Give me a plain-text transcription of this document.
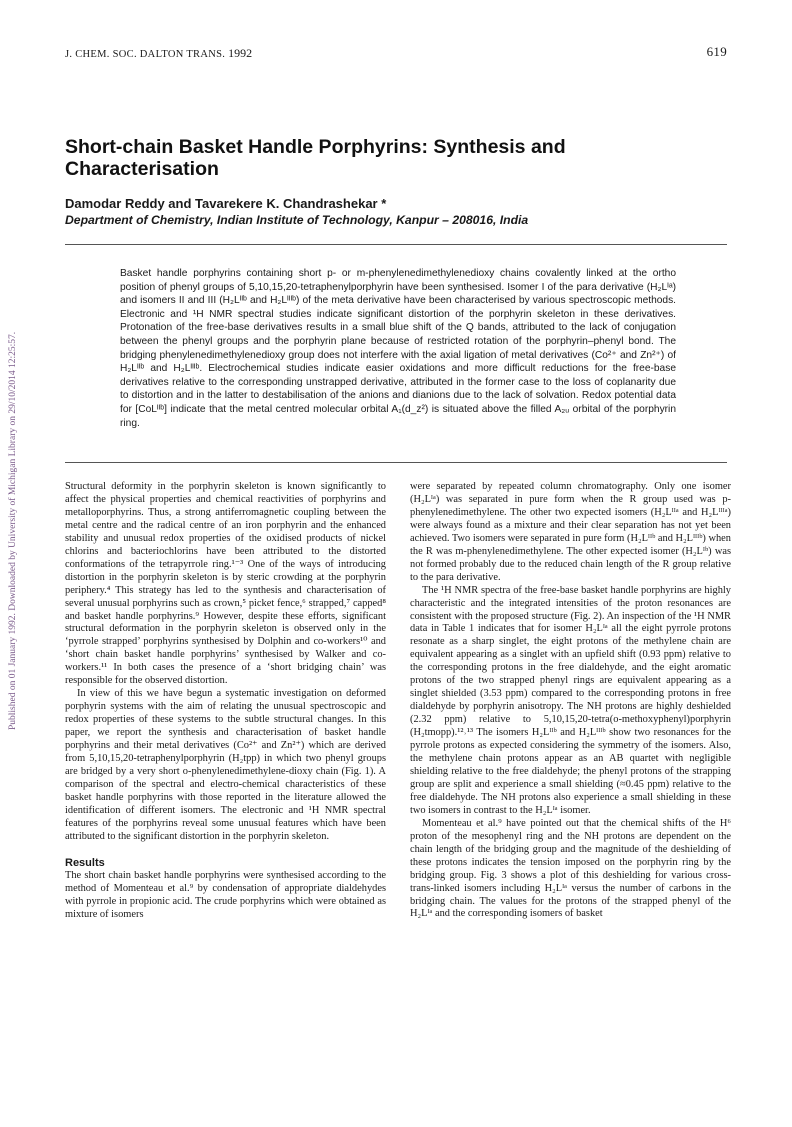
Published on 01 January 1992. Downloaded by University of Michigan Library on 29/10/2014 12:25:57.
J. CHEM. SOC. DALTON TRANS. 1992	619
Short-chain Basket Handle Porphyrins: Synthesis and Characterisation
Damodar Reddy and Tavarekere K. Chandrashekar *
Department of Chemistry, Indian Institute of Technology, Kanpur – 208016, India
Basket handle porphyrins containing short p- or m-phenylenedimethylenedioxy chains covalently linked at the ortho position of phenyl groups of 5,10,15,20-tetraphenylporphyrin have been synthesised. Isomer I of the para derivative (H₂Lᴵᵃ) and isomers II and III (H₂Lᴵᴵᵇ and H₂Lᴵᴵᴵᵇ) of the meta derivative have been characterised by various spectroscopic methods. Electronic and ¹H NMR spectral studies indicate significant distortion of the porphyrin skeleton in these derivatives. Protonation of the free-base derivatives results in a small blue shift of the Q bands, attributed to the lack of conjugation between the phenyl groups and the porphyrin plane because of restricted rotation of the porphyrin–phenyl bond. The bridging phenylenedimethylenedioxy group does not interfere with the axial ligation of metal derivatives (Co²⁺ and Zn²⁺) of H₂Lᴵᴵᵇ and H₂Lᴵᴵᴵᵇ. Electrochemical studies indicate easier oxidations and more difficult reductions for the free-base derivatives relative to the corresponding unstrapped derivative, attributed in the former case to the loss of coplanarity due to distortion and in the latter to destabilisation of the anions and dianions due to the lack of solvation. Redox potential data for [CoLᴵᴵᵇ] indicate that the metal centred molecular orbital A₁(d_z²) is situated above the filled A₂ᵤ orbital of the porphyrin ring.

Structural deformity in the porphyrin skeleton is known significantly to affect the physical properties and chemical reactivities of porphyrins and metalloporphyrins. Thus, a strong antiferromagnetic coupling between the metal centre and the radical centre of an iron porphyrin and the enhanced stability and unusual redox properties of the oxidised products of nickel chlorins and bacteriochlorins have been attributed to the distorted conformations of the tetrapyrrole ring.¹⁻³ One of the ways of introducing distortion in the porphyrin skeleton is by steric crowding at the porphyrin periphery.⁴ This strategy has led to the synthesis and characterisation of several unusual porphyrins such as crown,⁵ picket fence,⁶ strapped,⁷ capped⁸ and basket handle porphyrins.⁹ However, despite these efforts, significant structural deformation in the porphyrin skeleton is observed only in the ‘pyrrole strapped’ porphyrins synthesised by Dolphin and co-workers¹⁰ and ‘short chain basket handle porphyrins’ synthesised by Walker and co-workers.¹¹ In both cases the presence of a ‘short bridging chain’ was responsible for the observed distortion.

In view of this we have begun a systematic investigation on deformed porphyrin systems with the aim of relating the unusual spectroscopic and redox properties of these systems to the subtle structural changes. In this paper, we report the synthesis and characterisation of basket handle porphyrins and their metal derivatives (Co²⁺ and Zn²⁺) which are derived from 5,10,15,20-tetraphenylporphyrin (H₂tpp) in which two phenyl groups are bridged by a very short o-phenylenedimethylene-dioxy chain (Fig. 1). A comparison of the spectral and electro-chemical characteristics of these basket handle porphyrins with those reported in the literature allowed the identification of different isomers. The electronic and ¹H NMR spectral features of the porphyrins reveal some unusual features which have been attributed to the significant distortion in the porphyrin skeleton.

Results

The short chain basket handle porphyrins were synthesised according to the method of Momenteau et al.⁹ by condensation of appropriate dialdehydes with pyrrole in propionic acid. The crude porphyrins which were obtained as mixture of isomers

were separated by repeated column chromatography. Only one isomer (H₂Lᴵᵃ) was separated in pure form when the R group used was p-phenylenedimethylene. The other two expected isomers (H₂Lᴵᴵᵃ and H₂Lᴵᴵᴵᵃ) were always found as a mixture and their clear separation has not yet been achieved. Two isomers were separated in pure form (H₂Lᴵᴵᵇ and H₂Lᴵᴵᴵᵇ) when the R was m-phenylenedimethylene. The other expected isomer (H₂Lᴵᵇ) was not formed probably due to the reduced chain length of the R group relative to the para derivative.

The ¹H NMR spectra of the free-base basket handle porphyrins are highly characteristic and the integrated intensities of the proton resonances are consistent with the proposed structure (Fig. 2). An inspection of the ¹H NMR data in Table 1 indicates that for isomer H₂Lᴵᵃ all the eight pyrrole protons resonate as a sharp singlet, the eight protons of the methylene chain are equivalent appearing as a singlet with an upfield shift (0.93 ppm) relative to the corresponding protons in the free dialdehyde, and the eight aromatic protons of the two strapped phenyl rings are equivalent appearing as a singlet shielded (3.53 ppm) compared to the corresponding protons in free dialdehyde by porphyrin anisotropy. The NH protons are highly deshielded (2.32 ppm) relative to 5,10,15,20-tetra(o-methoxyphenyl)porphyrin (H₂tmopp).¹²˒¹³ The isomers H₂Lᴵᴵᵇ and H₂Lᴵᴵᴵᵇ show two resonances for the pyrrole protons as expected considering the symmetry of the isomers. Also, the methylene chain protons appear as an AB quartet with negligible shielding relative to the free dialdehyde; the phenyl protons of the strapping group are split and experience a small shielding (≈0.45 ppm) relative to the free dialdehyde. The NH protons also experience a small shielding in these two isomers in contrast to the H₂Lᴵᵃ isomer.

Momenteau et al.⁹ have pointed out that the chemical shifts of the H⁶ proton of the mesophenyl ring and the NH protons are dependent on the chain length of the bridging group and the magnitude of the deshielding of these protons indicates the tension imposed on the porphyrin ring by the bridging group. Fig. 3 shows a plot of this deshielding for various cross-trans-linked isomers including H₂Lᴵᵃ versus the number of carbons in the bridging chain. The values for the protons of the strapped phenyl of the H₂Lᴵᵃ and the corresponding isomers of basket
